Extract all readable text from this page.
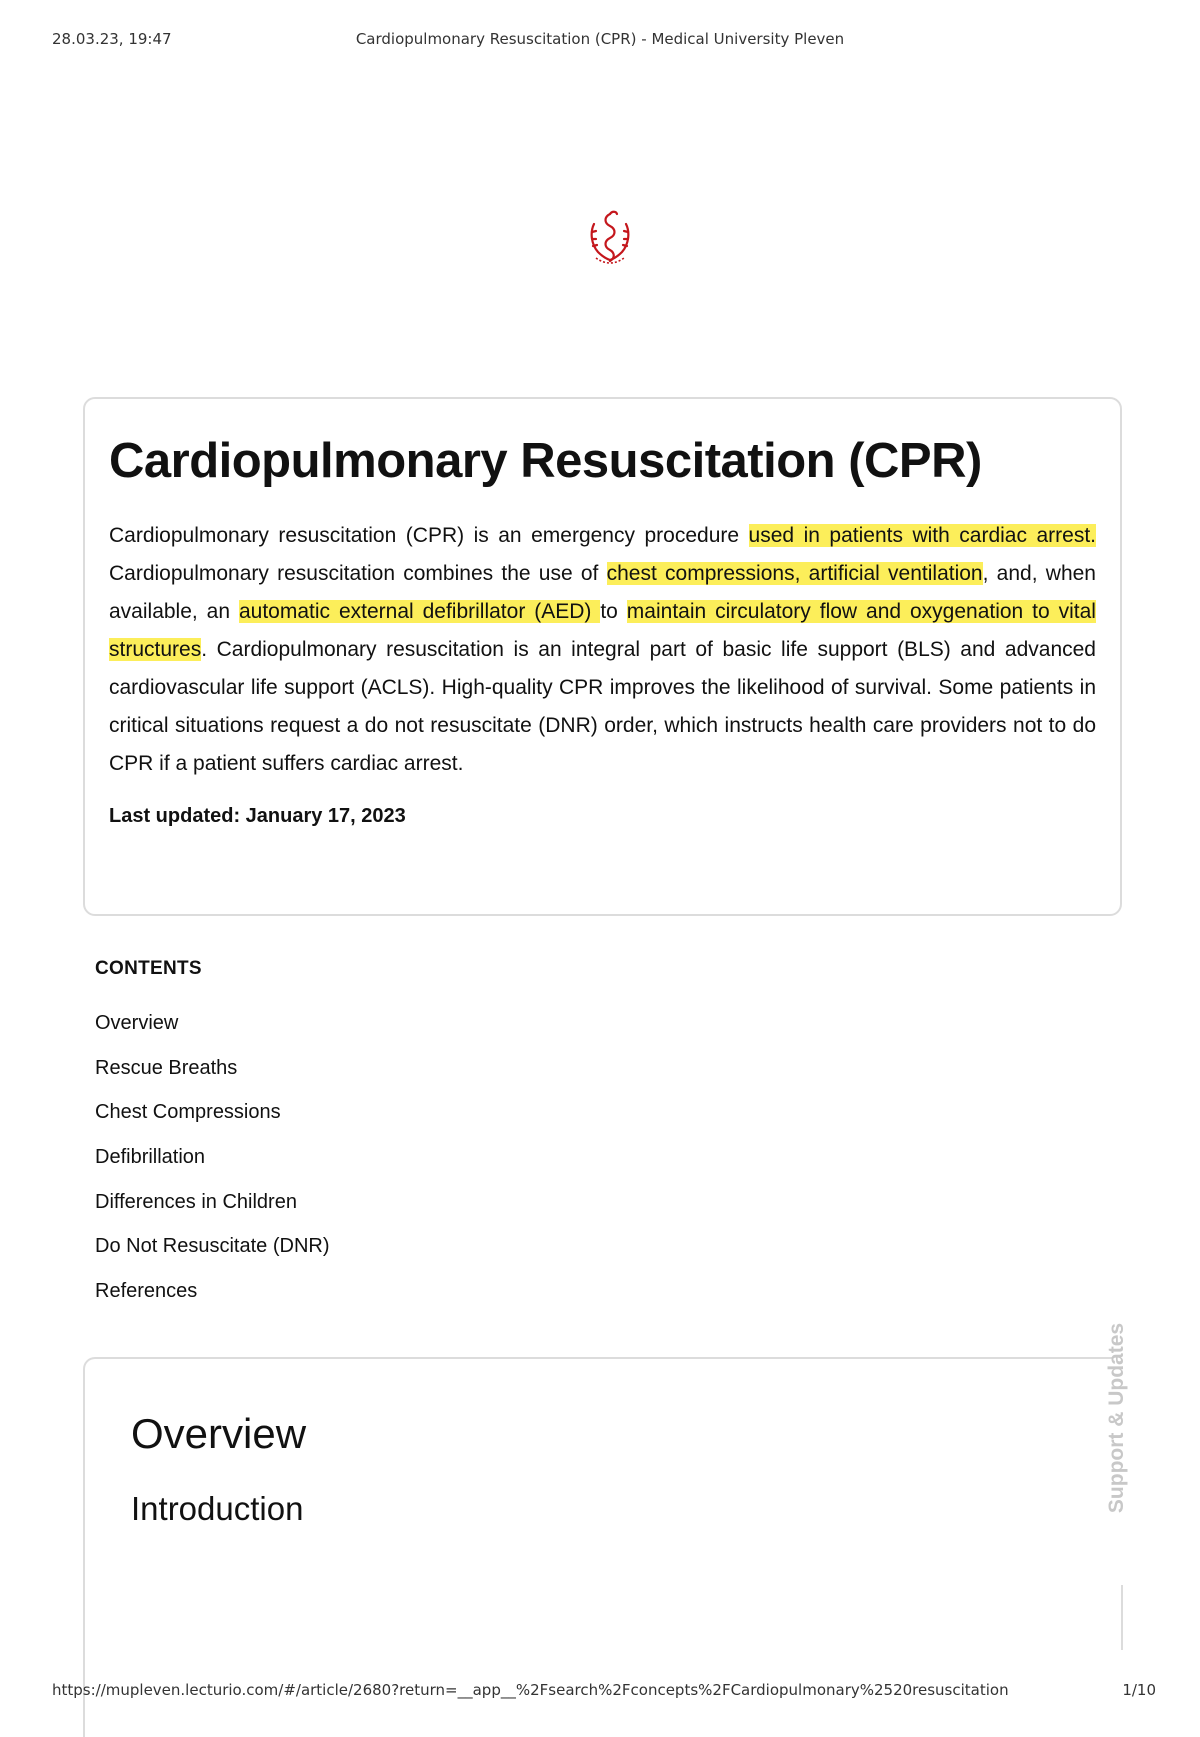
28.03.23, 19:47	Cardiopulmonary Resuscitation (CPR) - Medical University Pleven
Cardiopulmonary Resuscitation (CPR)

Cardiopulmonary resuscitation (CPR) is an emergency procedure used in patients with cardiac arrest. Cardiopulmonary resuscitation combines the use of chest compressions, artificial ventilation, and, when available, an automatic external defibrillator (AED) to maintain circulatory flow and oxygenation to vital structures. Cardiopulmonary resuscitation is an integral part of basic life support (BLS) and advanced cardiovascular life support (ACLS). High-quality CPR improves the likelihood of survival. Some patients in critical situations request a do not resuscitate (DNR) order, which instructs health care providers not to do CPR if a patient suffers cardiac arrest.

Last updated: January 17, 2023

CONTENTS
Overview
Rescue Breaths
Chest Compressions
Defibrillation
Differences in Children
Do Not Resuscitate (DNR)
References
Overview
Introduction	Support & Updates
https://mupleven.lecturio.com/#/article/2680?return=__app__%2Fsearch%2Fconcepts%2FCardiopulmonary%2520resuscitation	1/10
